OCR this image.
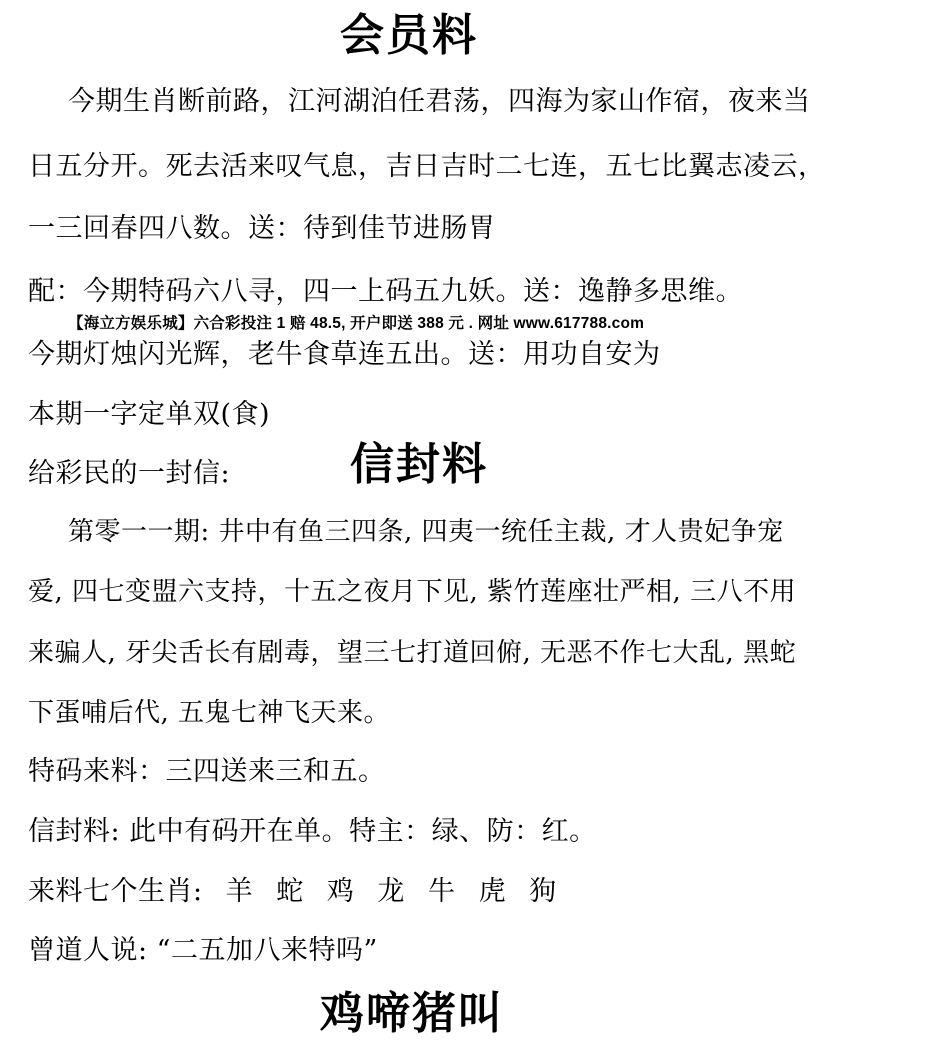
会员料
今期生肖断前路，江河湖泊任君荡，四海为家山作宿，夜来当
日五分开。死去活来叹气息，吉日吉时二七连，五七比翼志凌云，
一三回春四八数。送：待到佳节进肠胃
配：今期特码六八寻，四一上码五九妖。送：逸静多思维。
【海立方娱乐城】六合彩投注 1 赔 48.5, 开户即送 388 元 . 网址 www.617788.com
今期灯烛闪光辉，老牛食草连五出。送：用功自安为
本期一字定单双(食)
给彩民的一封信:	信封料
第零一一期: 井中有鱼三四条, 四夷一统任主裁, 才人贵妃争宠
爱, 四七变盟六支持，十五之夜月下见, 紫竹莲座壮严相, 三八不用
来骗人, 牙尖舌长有剧毒，望三七打道回俯, 无恶不作七大乱, 黑蛇
下蛋哺后代, 五鬼七神飞天来。
特码来料：三四送来三和五。
信封料: 此中有码开在单。特主：绿、防：红。
来料七个生肖: 羊 蛇 鸡 龙 牛 虎 狗
曾道人说: “二五加八来特吗”
鸡啼猪叫
